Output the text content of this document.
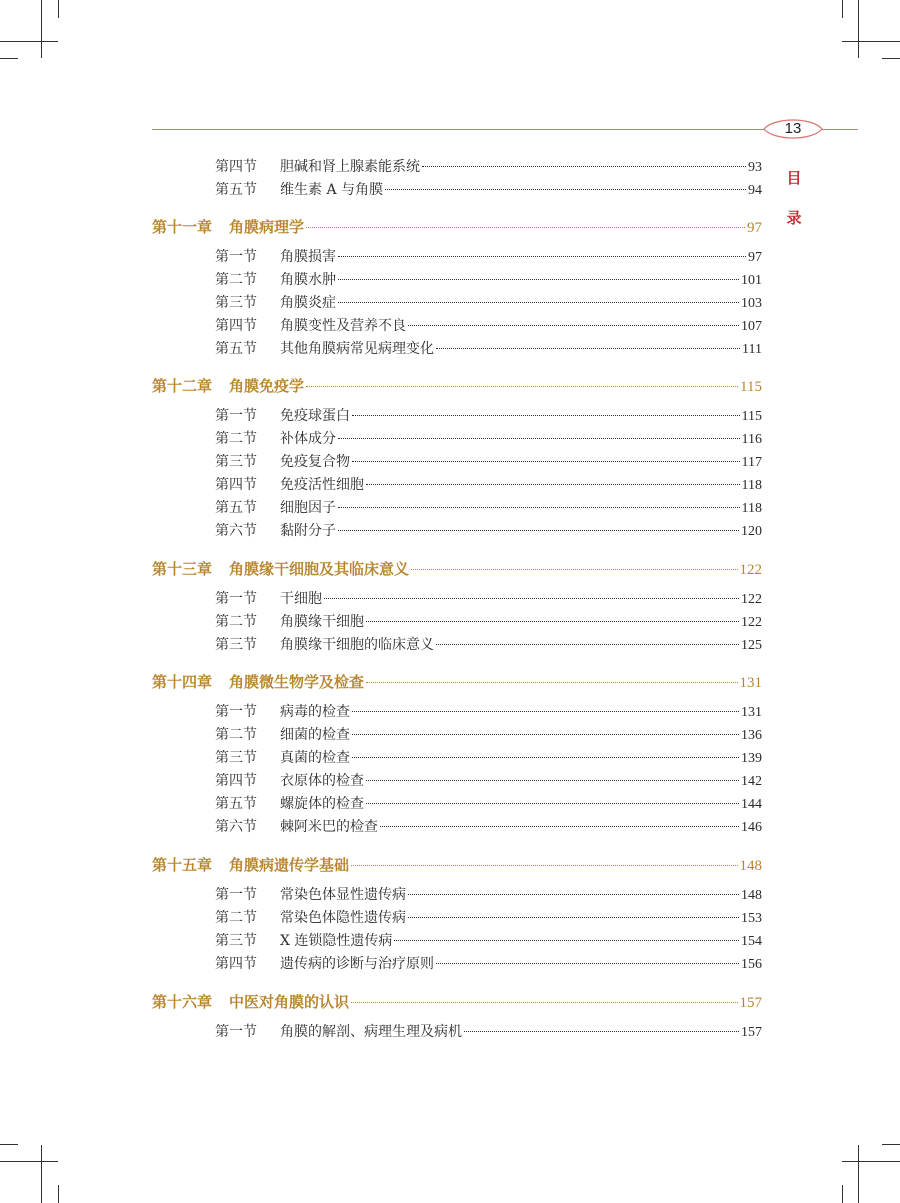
13
目
录
第四节	胆碱和肾上腺素能系统	93
第五节	维生素 A 与角膜	94
第十一章	角膜病理学	97
第一节	角膜损害	97
第二节	角膜水肿	101
第三节	角膜炎症	103
第四节	角膜变性及营养不良	107
第五节	其他角膜病常见病理变化	111
第十二章	角膜免疫学	115
第一节	免疫球蛋白	115
第二节	补体成分	116
第三节	免疫复合物	117
第四节	免疫活性细胞	118
第五节	细胞因子	118
第六节	黏附分子	120
第十三章	角膜缘干细胞及其临床意义	122
第一节	干细胞	122
第二节	角膜缘干细胞	122
第三节	角膜缘干细胞的临床意义	125
第十四章	角膜微生物学及检查	131
第一节	病毒的检查	131
第二节	细菌的检查	136
第三节	真菌的检查	139
第四节	衣原体的检查	142
第五节	螺旋体的检查	144
第六节	棘阿米巴的检查	146
第十五章	角膜病遗传学基础	148
第一节	常染色体显性遗传病	148
第二节	常染色体隐性遗传病	153
第三节	X 连锁隐性遗传病	154
第四节	遗传病的诊断与治疗原则	156
第十六章	中医对角膜的认识	157
第一节	角膜的解剖、病理生理及病机	157
